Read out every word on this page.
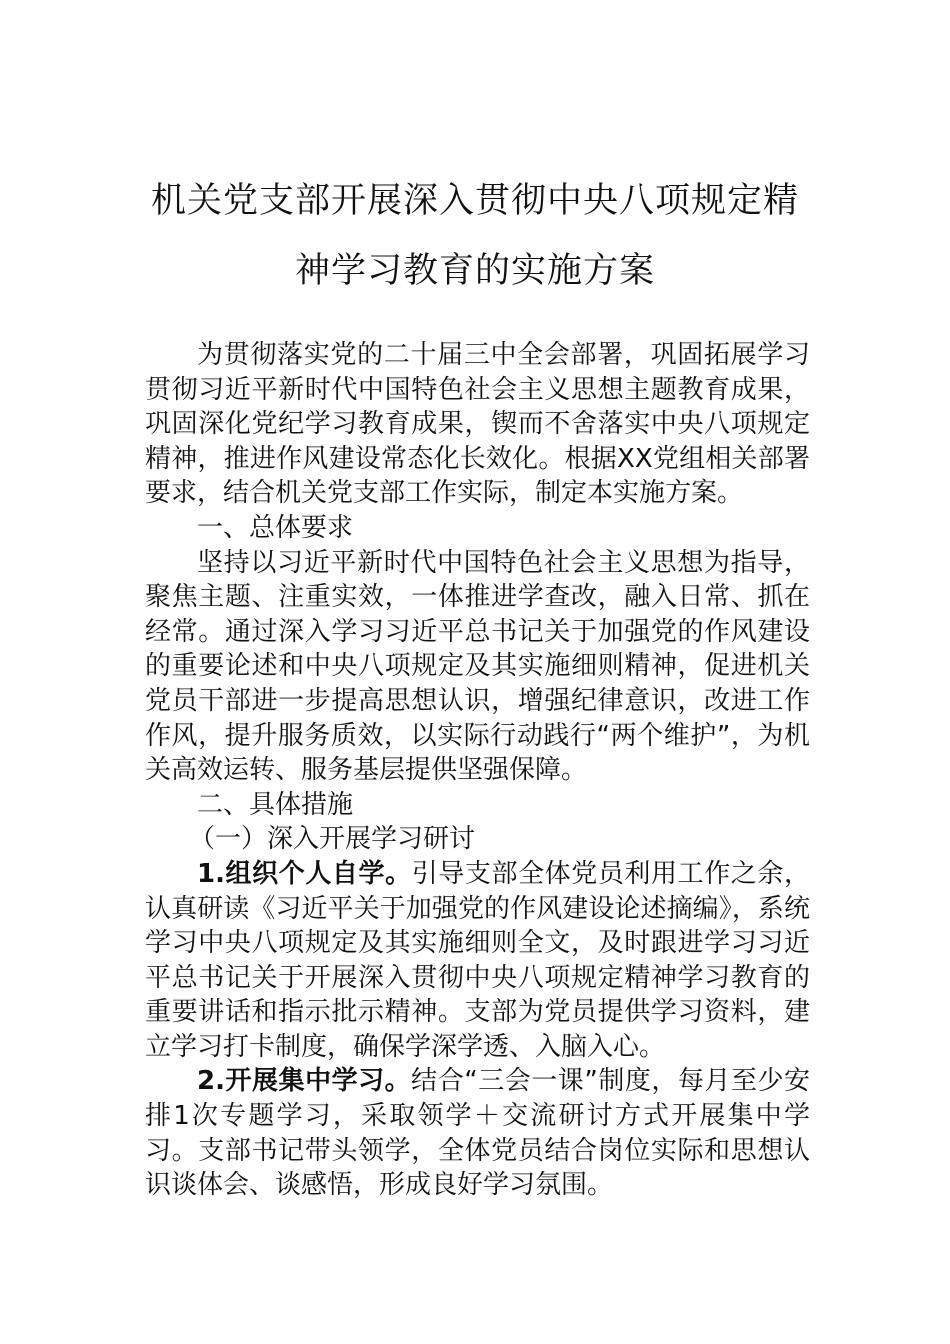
机关党支部开展深入贯彻中央八项规定精
神学习教育的实施方案

为贯彻落实党的二十届三中全会部署，巩固拓展学习贯彻习近平新时代中国特色社会主义思想主题教育成果，巩固深化党纪学习教育成果，锲而不舍落实中央八项规定精神，推进作风建设常态化长效化。根据XX党组相关部署要求，结合机关党支部工作实际，制定本实施方案。

一、总体要求

坚持以习近平新时代中国特色社会主义思想为指导，聚焦主题、注重实效，一体推进学查改，融入日常、抓在经常。通过深入学习习近平总书记关于加强党的作风建设的重要论述和中央八项规定及其实施细则精神，促进机关党员干部进一步提高思想认识，增强纪律意识，改进工作作风，提升服务质效，以实际行动践行“两个维护”，为机关高效运转、服务基层提供坚强保障。

二、具体措施

（一）深入开展学习研讨

1.组织个人自学。引导支部全体党员利用工作之余，认真研读《习近平关于加强党的作风建设论述摘编》，系统学习中央八项规定及其实施细则全文，及时跟进学习习近平总书记关于开展深入贯彻中央八项规定精神学习教育的重要讲话和指示批示精神。支部为党员提供学习资料，建立学习打卡制度，确保学深学透、入脑入心。

2.开展集中学习。结合“三会一课”制度，每月至少安排1次专题学习，采取领学＋交流研讨方式开展集中学习。支部书记带头领学，全体党员结合岗位实际和思想认识谈体会、谈感悟，形成良好学习氛围。
